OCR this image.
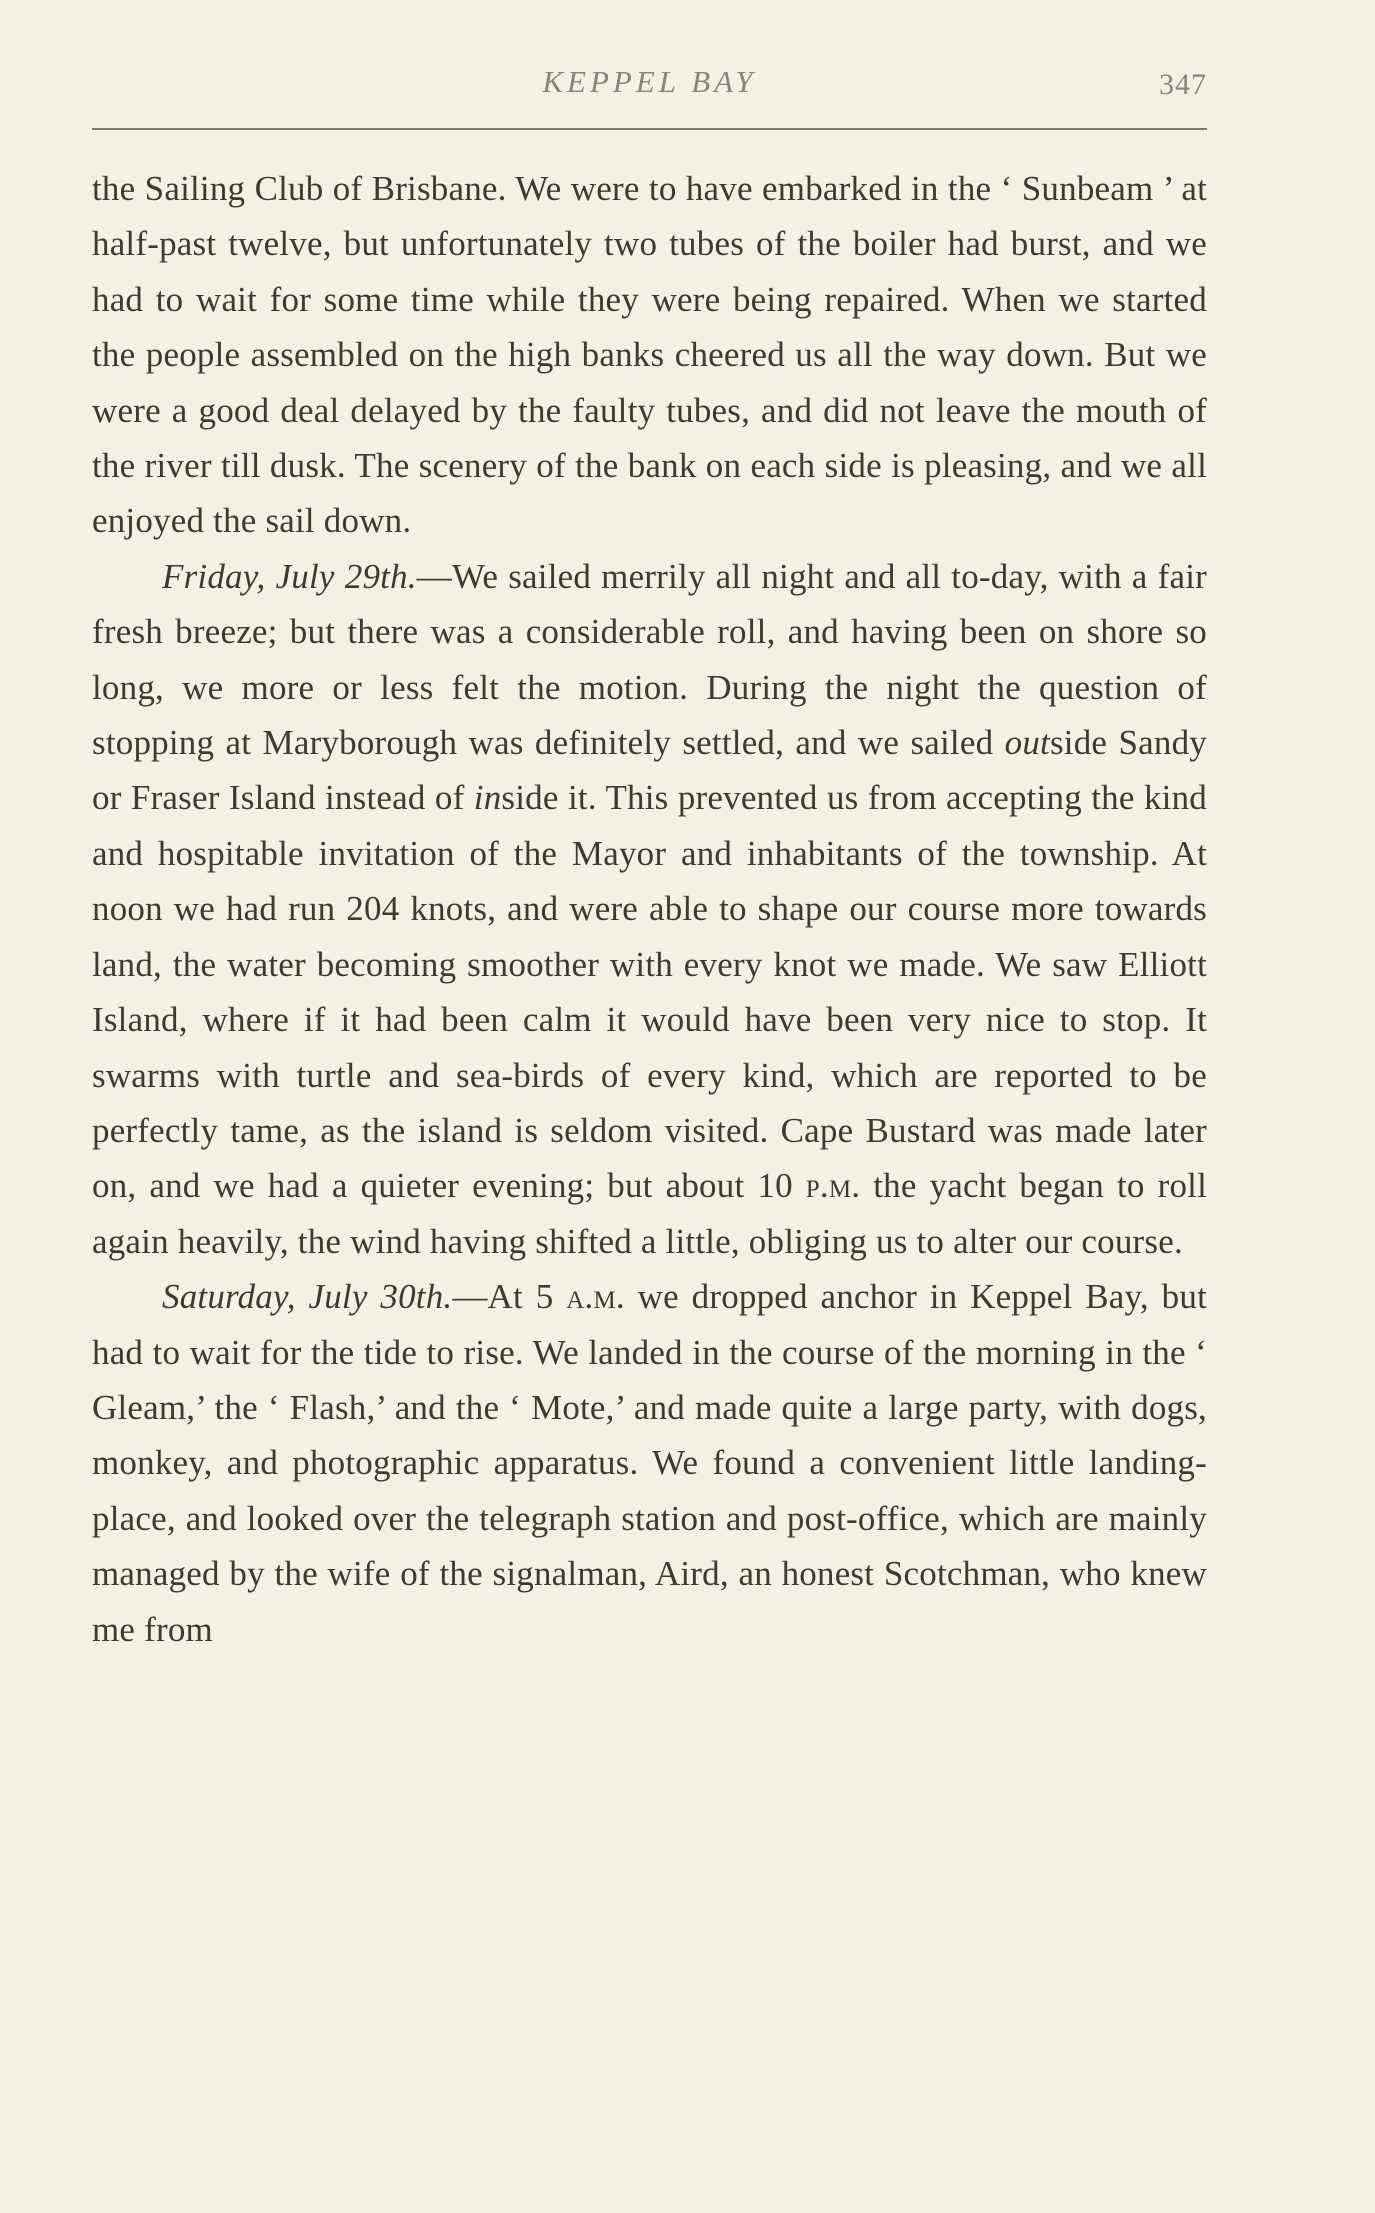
KEPPEL BAY	347

the Sailing Club of Brisbane. We were to have embarked in the ‘ Sunbeam ’ at half-past twelve, but unfortunately two tubes of the boiler had burst, and we had to wait for some time while they were being repaired. When we started the people assembled on the high banks cheered us all the way down. But we were a good deal delayed by the faulty tubes, and did not leave the mouth of the river till dusk. The scenery of the bank on each side is pleasing, and we all enjoyed the sail down.

Friday, July 29th.—We sailed merrily all night and all to-day, with a fair fresh breeze; but there was a considerable roll, and having been on shore so long, we more or less felt the motion. During the night the question of stopping at Maryborough was definitely settled, and we sailed outside Sandy or Fraser Island instead of inside it. This prevented us from accepting the kind and hospitable invitation of the Mayor and inhabitants of the township. At noon we had run 204 knots, and were able to shape our course more towards land, the water becoming smoother with every knot we made. We saw Elliott Island, where if it had been calm it would have been very nice to stop. It swarms with turtle and sea-birds of every kind, which are reported to be perfectly tame, as the island is seldom visited. Cape Bustard was made later on, and we had a quieter evening; but about 10 p.m. the yacht began to roll again heavily, the wind having shifted a little, obliging us to alter our course.

Saturday, July 30th.—At 5 a.m. we dropped anchor in Keppel Bay, but had to wait for the tide to rise. We landed in the course of the morning in the ‘ Gleam,’ the ‘ Flash,’ and the ‘ Mote,’ and made quite a large party, with dogs, monkey, and photographic apparatus. We found a convenient little landing-place, and looked over the telegraph station and post-office, which are mainly managed by the wife of the signalman, Aird, an honest Scotchman, who knew me from
